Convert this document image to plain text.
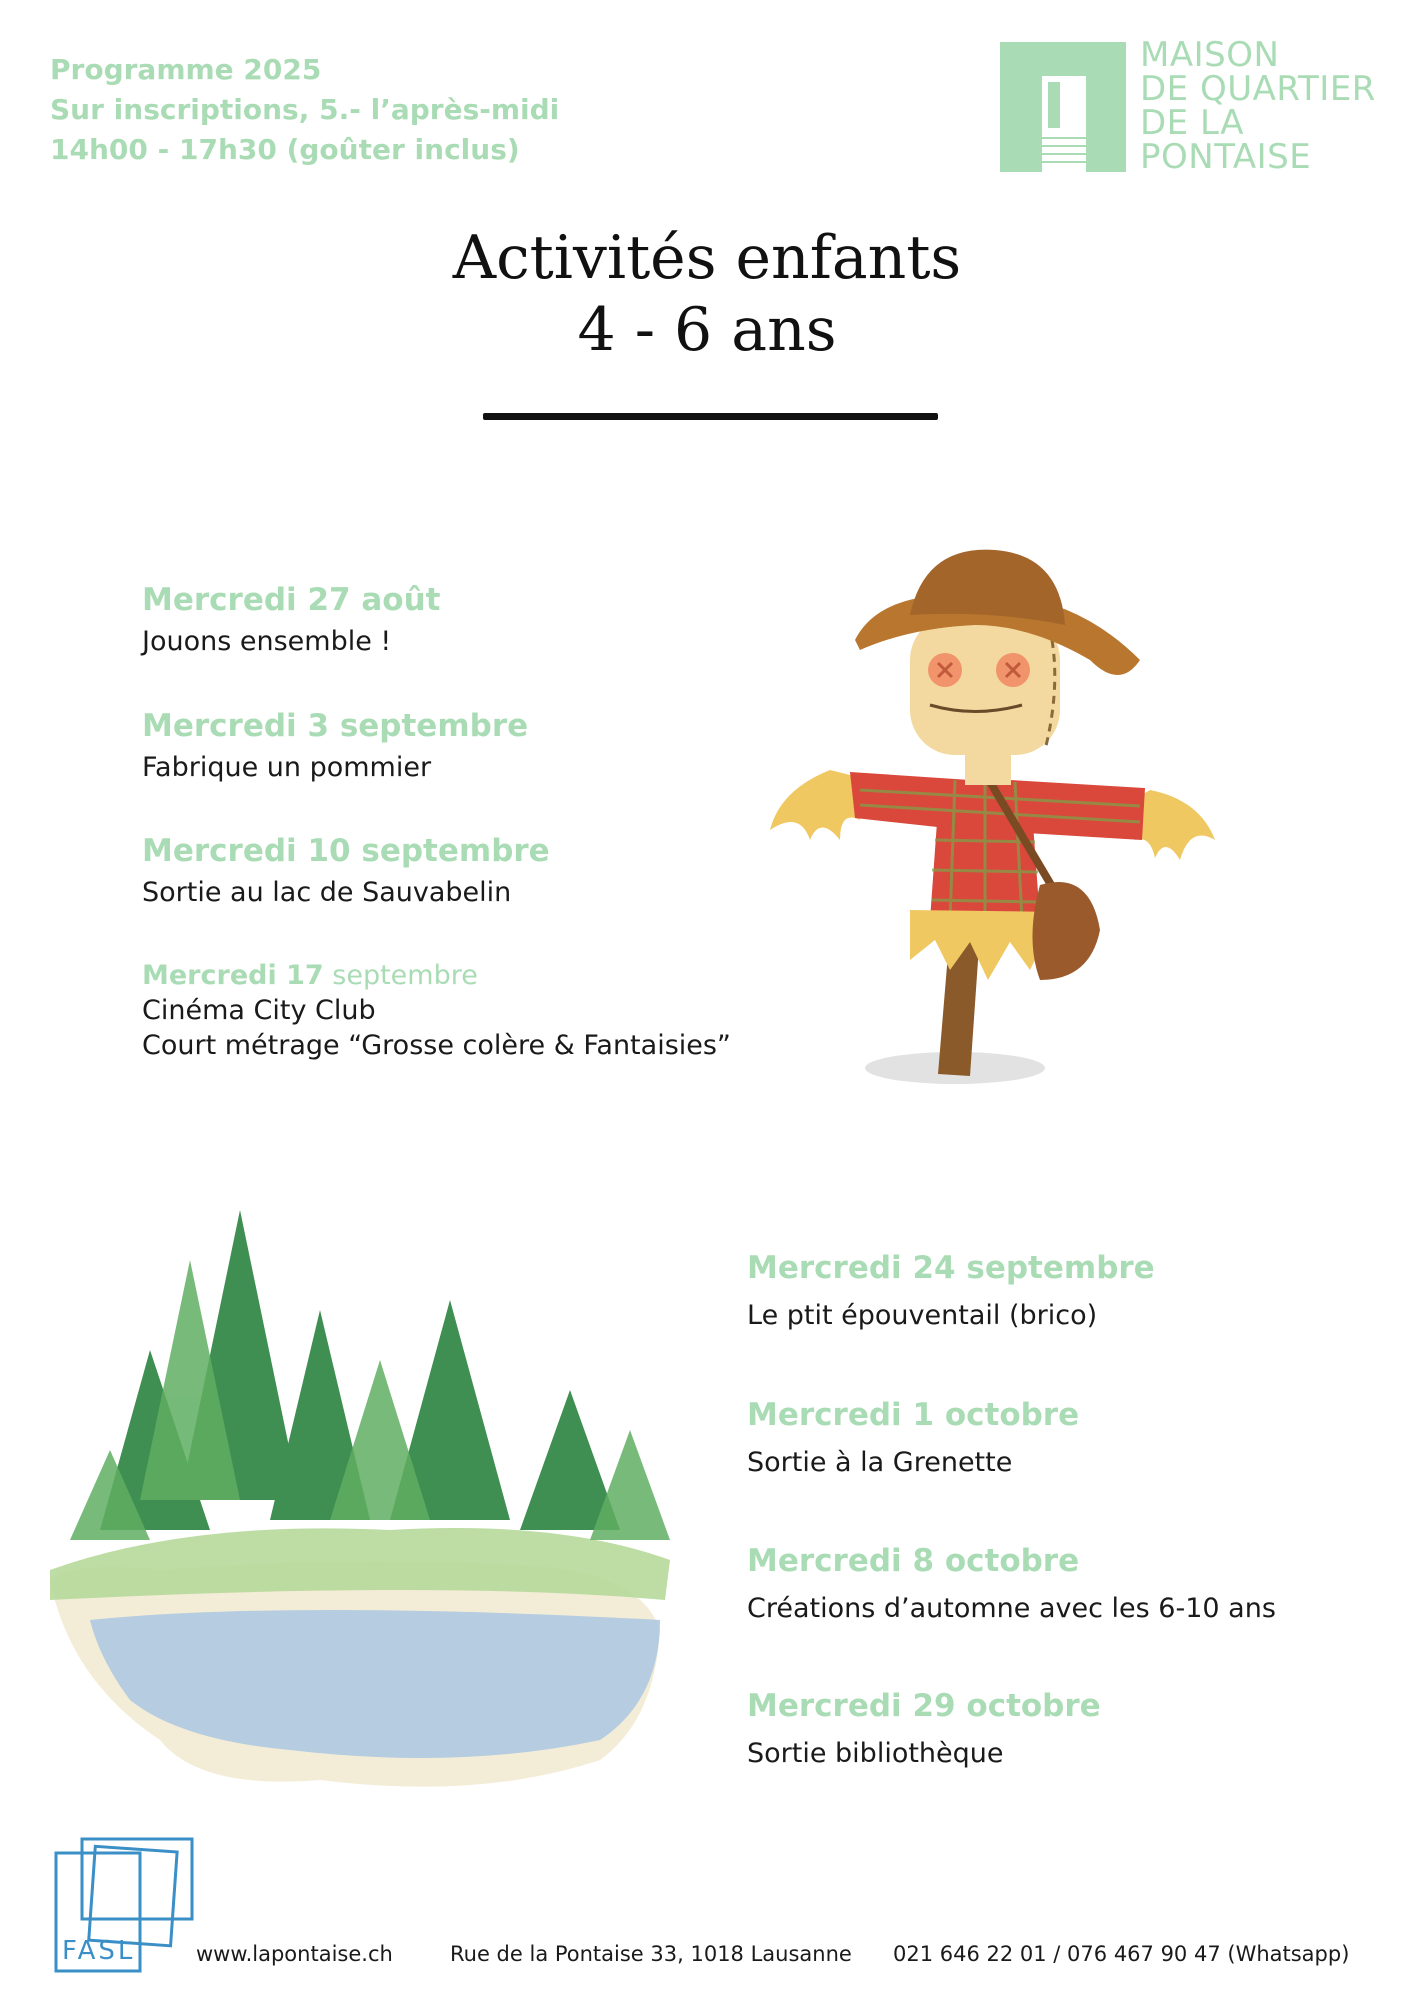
Programme 2025
Sur inscriptions, 5.- l’après-midi
14h00 - 17h30 (goûter inclus)
MAISON
DE QUARTIER
DE LA
PONTAISE
Activités enfants
4 - 6 ans
Mercredi 27 août
Jouons ensemble !
Mercredi 3 septembre
Fabrique un pommier
Mercredi 10 septembre
Sortie au lac de Sauvabelin
Mercredi 17 septembre
Cinéma City Club
Court métrage “Grosse colère & Fantaisies”
Mercredi 24 septembre
Le ptit épouventail (brico)
Mercredi 1 octobre
Sortie à la Grenette
Mercredi 8 octobre
Créations d’automne avec les 6-10 ans
Mercredi 29 octobre
Sortie bibliothèque
FASL	www.lapontaise.ch	Rue de la Pontaise 33, 1018 Lausanne 021 646 22 01 / 076 467 90 47 (Whatsapp)
